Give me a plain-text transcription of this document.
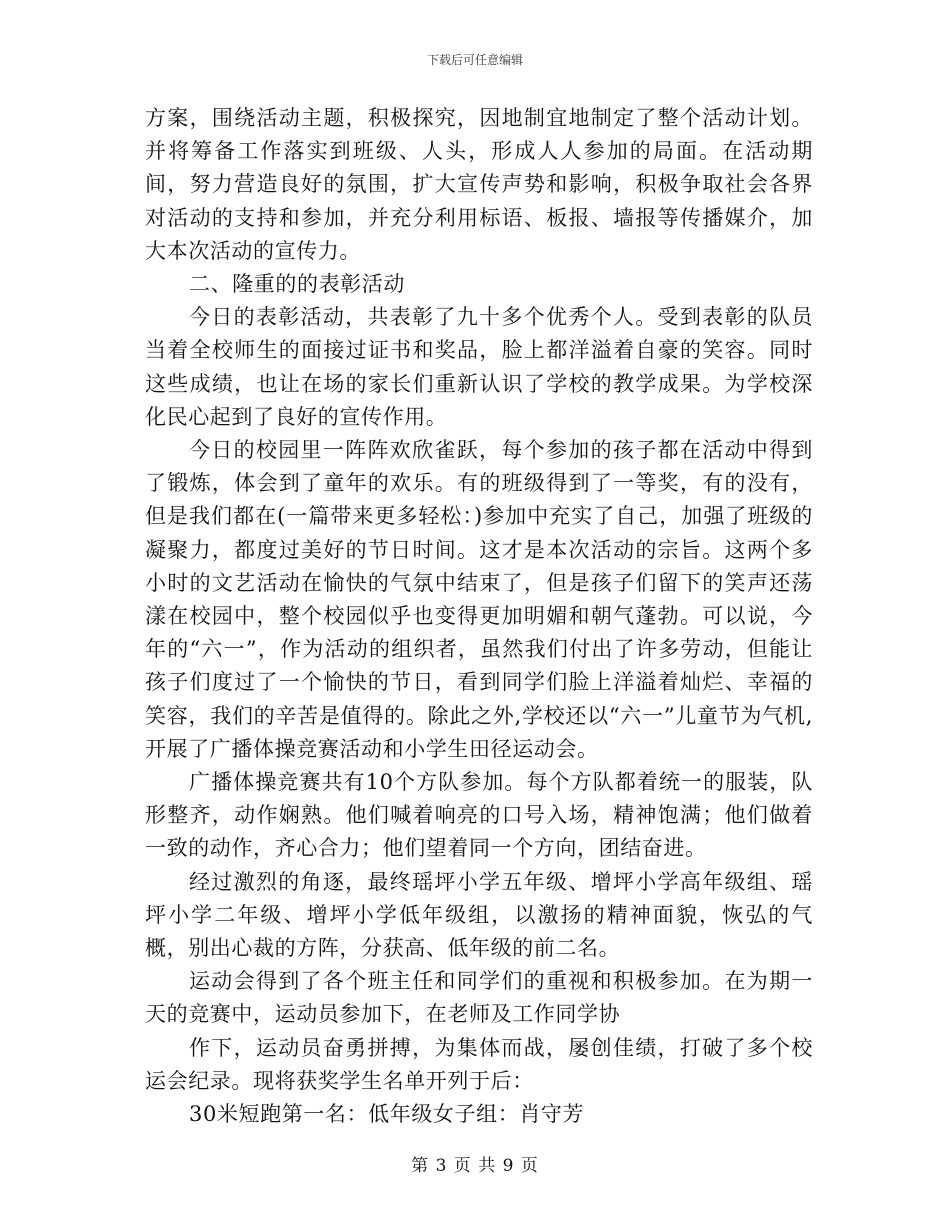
下载后可任意编辑

方案，围绕活动主题，积极探究，因地制宜地制定了整个活动计划。并将筹备工作落实到班级、人头，形成人人参加的局面。在活动期间，努力营造良好的氛围，扩大宣传声势和影响，积极争取社会各界对活动的支持和参加，并充分利用标语、板报、墙报等传播媒介，加大本次活动的宣传力。

二、隆重的的表彰活动

今日的表彰活动，共表彰了九十多个优秀个人。受到表彰的队员当着全校师生的面接过证书和奖品，脸上都洋溢着自豪的笑容。同时这些成绩，也让在场的家长们重新认识了学校的教学成果。为学校深化民心起到了良好的宣传作用。

今日的校园里一阵阵欢欣雀跃，每个参加的孩子都在活动中得到了锻炼，体会到了童年的欢乐。有的班级得到了一等奖，有的没有，但是我们都在(一篇带来更多轻松：)参加中充实了自己，加强了班级的凝聚力，都度过美好的节日时间。这才是本次活动的宗旨。这两个多小时的文艺活动在愉快的气氛中结束了，但是孩子们留下的笑声还荡漾在校园中，整个校园似乎也变得更加明媚和朝气蓬勃。可以说，今年的“六一”，作为活动的组织者，虽然我们付出了许多劳动，但能让孩子们度过了一个愉快的节日，看到同学们脸上洋溢着灿烂、幸福的笑容，我们的辛苦是值得的。除此之外,学校还以“六一”儿童节为气机,开展了广播体操竞赛活动和小学生田径运动会。

广播体操竞赛共有10个方队参加。每个方队都着统一的服装，队形整齐，动作娴熟。他们喊着响亮的口号入场，精神饱满；他们做着一致的动作，齐心合力；他们望着同一个方向，团结奋进。

经过激烈的角逐，最终瑶坪小学五年级、增坪小学高年级组、瑶坪小学二年级、增坪小学低年级组，以激扬的精神面貌，恢弘的气概，别出心裁的方阵，分获高、低年级的前二名。

运动会得到了各个班主任和同学们的重视和积极参加。在为期一天的竞赛中，运动员参加下，在老师及工作同学协

作下，运动员奋勇拼搏，为集体而战，屡创佳绩，打破了多个校运会纪录。现将获奖学生名单开列于后：

30米短跑第一名：低年级女子组：肖守芳

第 3 页 共 9 页
